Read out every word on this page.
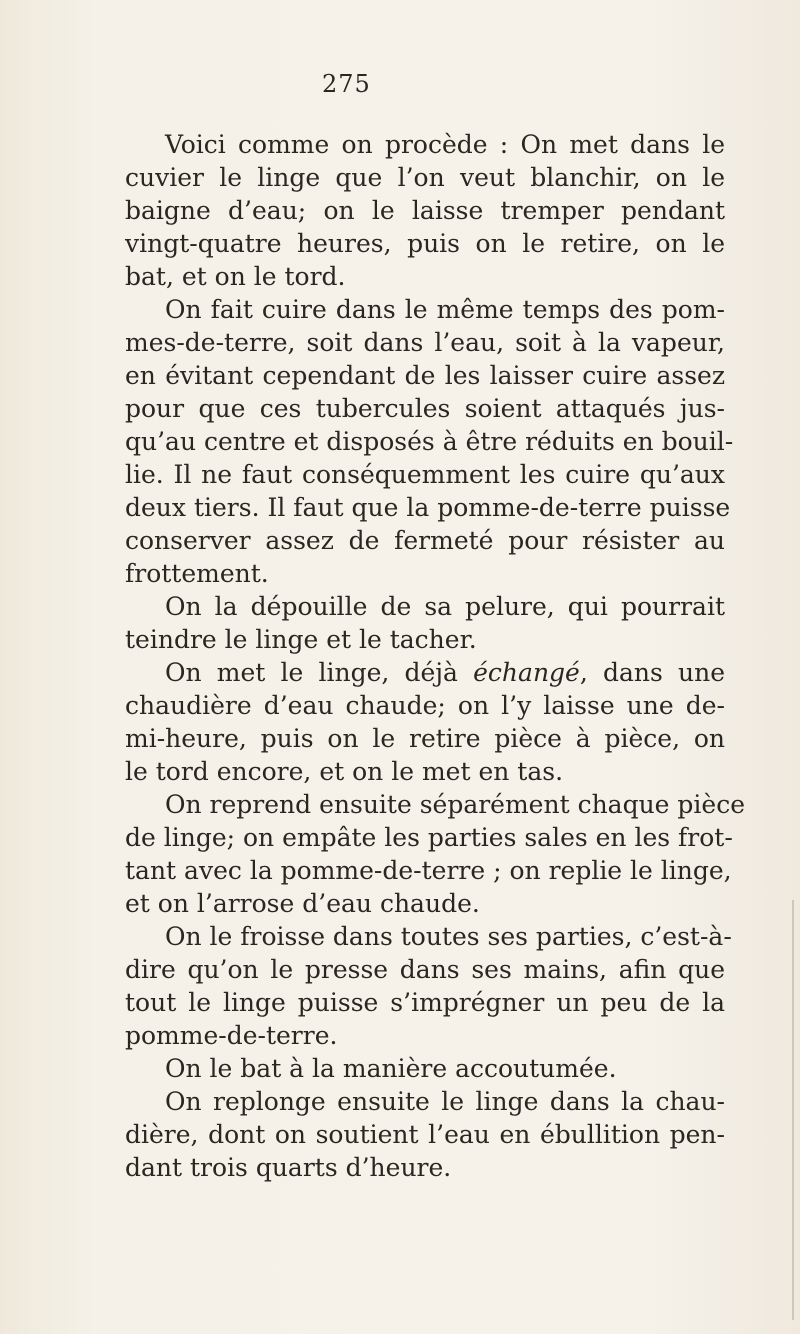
275
Voici comme on procède : On met dans le
cuvier le linge que l’on veut blanchir, on le
baigne d’eau; on le laisse tremper pendant
vingt-quatre heures, puis on le retire, on le
bat, et on le tord.
On fait cuire dans le même temps des pom-
mes-de-terre, soit dans l’eau, soit à la vapeur,
en évitant cependant de les laisser cuire assez
pour que ces tubercules soient attaqués jus-
qu’au centre et disposés à être réduits en bouil-
lie. Il ne faut conséquemment les cuire qu’aux
deux tiers. Il faut que la pomme-de-terre puisse
conserver assez de fermeté pour résister au
frottement.
On la dépouille de sa pelure, qui pourrait
teindre le linge et le tacher.
On met le linge, déjà échangé, dans une
chaudière d’eau chaude; on l’y laisse une de-
mi-heure, puis on le retire pièce à pièce, on
le tord encore, et on le met en tas.
On reprend ensuite séparément chaque pièce
de linge; on empâte les parties sales en les frot-
tant avec la pomme-de-terre ; on replie le linge,
et on l’arrose d’eau chaude.
On le froisse dans toutes ses parties, c’est-à-
dire qu’on le presse dans ses mains, afin que
tout le linge puisse s’imprégner un peu de la
pomme-de-terre.
On le bat à la manière accoutumée.
On replonge ensuite le linge dans la chau-
dière, dont on soutient l’eau en ébullition pen-
dant trois quarts d’heure.
